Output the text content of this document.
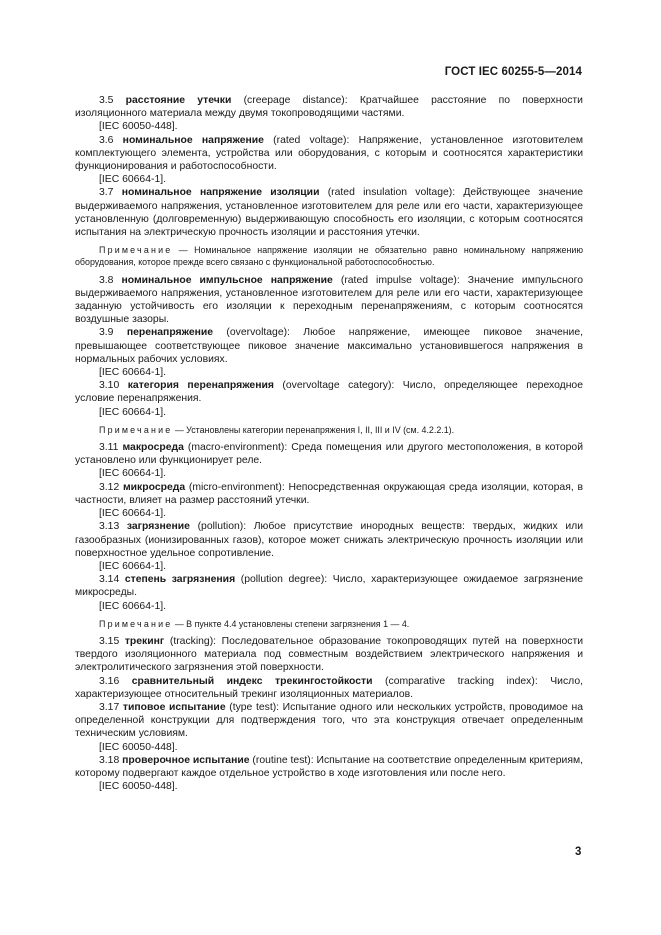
ГОСТ IEC 60255-5—2014

3.5 расстояние утечки (creepage distance): Кратчайшее расстояние по поверхности изоляционного материала между двумя токопроводящими частями.

[IEC 60050-448].

3.6 номинальное напряжение (rated voltage): Напряжение, установленное изготовителем комплектующего элемента, устройства или оборудования, с которым и соотносятся характеристики функционирования и работоспособности.

[IEC 60664-1].

3.7 номинальное напряжение изоляции (rated insulation voltage): Действующее значение выдерживаемого напряжения, установленное изготовителем для реле или его части, характеризующее установленную (долговременную) выдерживающую способность его изоляции, с которым соотносятся испытания на электрическую прочность изоляции и расстояния утечки.

Примечание — Номинальное напряжение изоляции не обязательно равно номинальному напряжению оборудования, которое прежде всего связано с функциональной работоспособностью.

3.8 номинальное импульсное напряжение (rated impulse voltage): Значение импульсного выдерживаемого напряжения, установленное изготовителем для реле или его части, характеризующее заданную устойчивость его изоляции к переходным перенапряжениям, с которым соотносятся воздушные зазоры.

3.9 перенапряжение (overvoltage): Любое напряжение, имеющее пиковое значение, превышающее соответствующее пиковое значение максимально установившегося напряжения в нормальных рабочих условиях.

[IEC 60664-1].

3.10 категория перенапряжения (overvoltage category): Число, определяющее переходное условие перенапряжения.

[IEC 60664-1].

Примечание — Установлены категории перенапряжения I, II, III и IV (см. 4.2.2.1).

3.11 макросреда (macro-environment): Среда помещения или другого местоположения, в которой установлено или функционирует реле.

[IEC 60664-1].

3.12 микросреда (micro-environment): Непосредственная окружающая среда изоляции, которая, в частности, влияет на размер расстояний утечки.

[IEC 60664-1].

3.13 загрязнение (pollution): Любое присутствие инородных веществ: твердых, жидких или газообразных (ионизированных газов), которое может снижать электрическую прочность изоляции или поверхностное удельное сопротивление.

[IEC 60664-1].

3.14 степень загрязнения (pollution degree): Число, характеризующее ожидаемое загрязнение микросреды.

[IEC 60664-1].

Примечание — В пункте 4.4 установлены степени загрязнения 1 — 4.

3.15 трекинг (tracking): Последовательное образование токопроводящих путей на поверхности твердого изоляционного материала под совместным воздействием электрического напряжения и электролитического загрязнения этой поверхности.

3.16 сравнительный индекс трекингостойкости (comparative tracking index): Число, характеризующее относительный трекинг изоляционных материалов.

3.17 типовое испытание (type test): Испытание одного или нескольких устройств, проводимое на определенной конструкции для подтверждения того, что эта конструкция отвечает определенным техническим условиям.

[IEC 60050-448].

3.18 проверочное испытание (routine test): Испытание на соответствие определенным критериям, которому подвергают каждое отдельное устройство в ходе изготовления или после него.

[IEC 60050-448].

3
